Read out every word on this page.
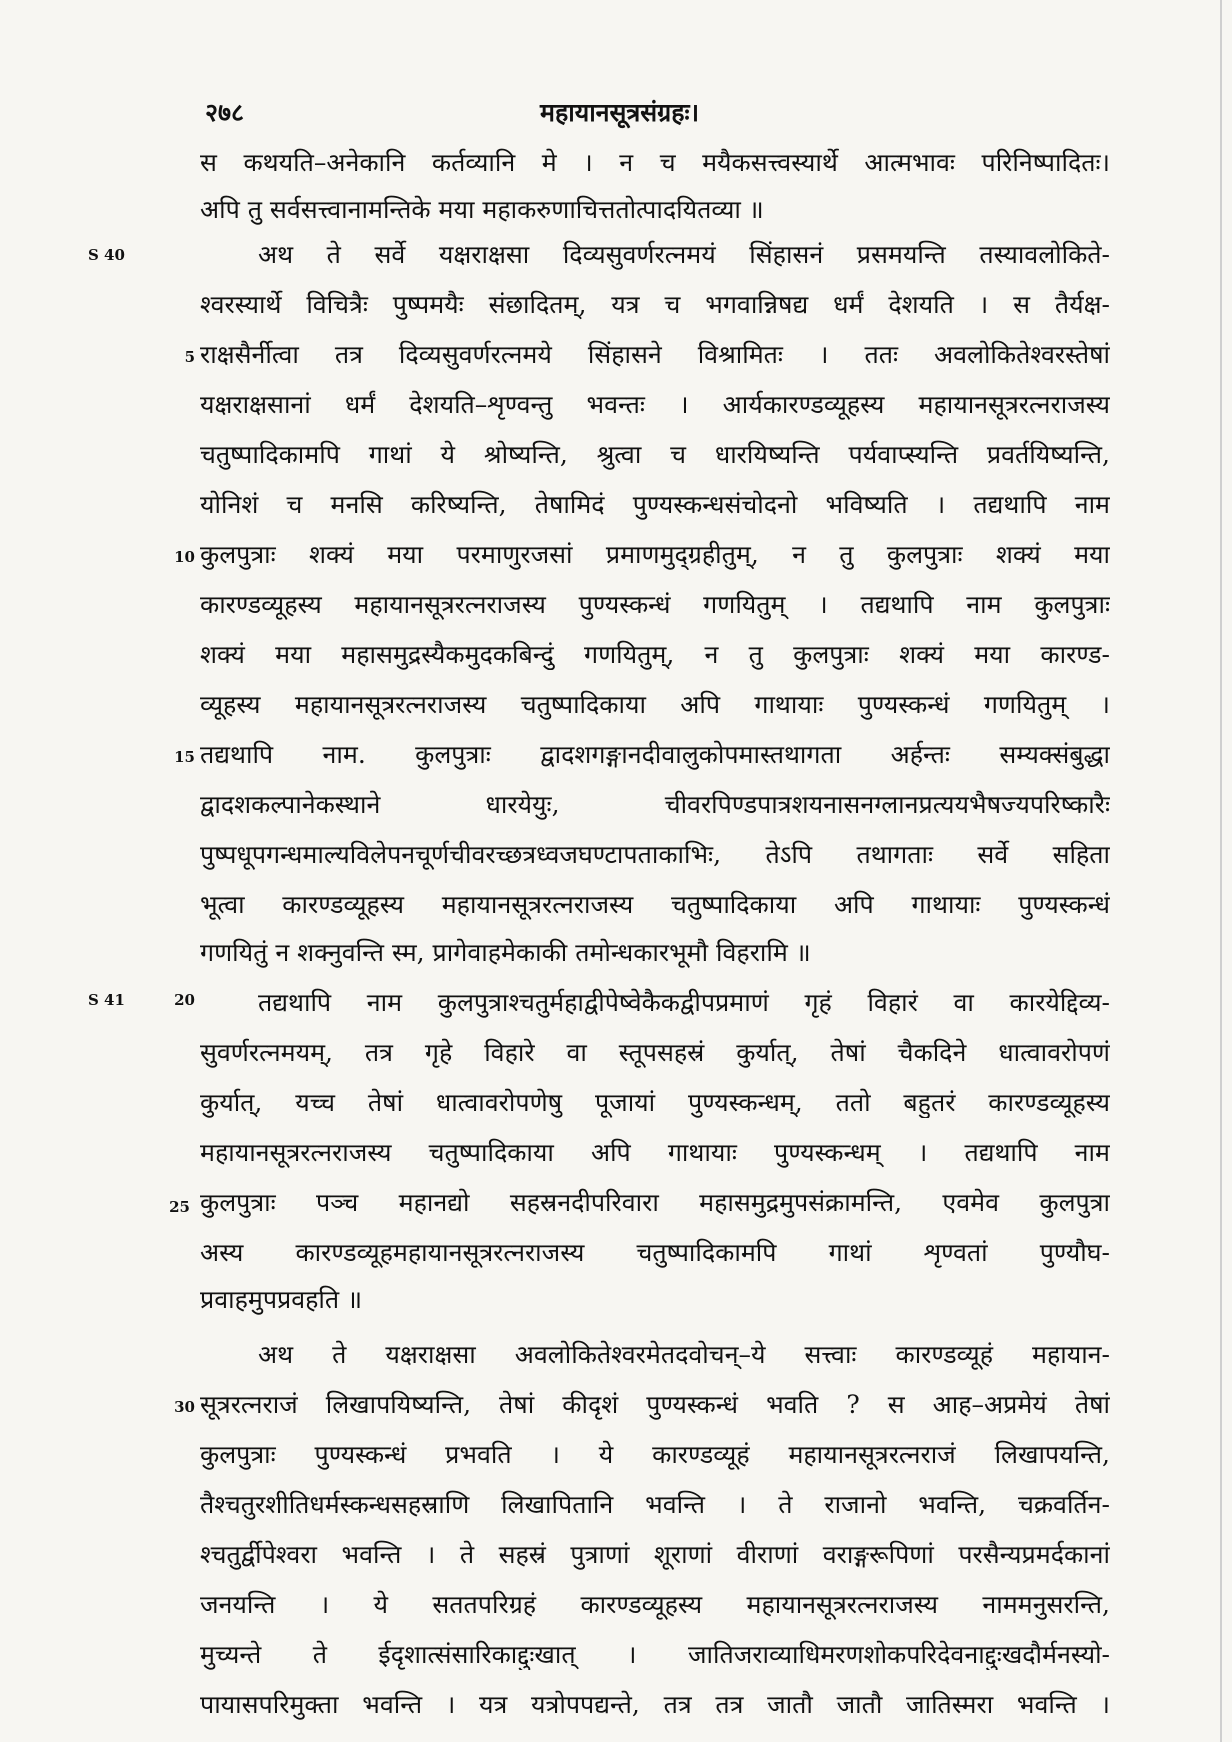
२७८	महायानसूत्रसंग्रहः।
S 40
S 41
5
10
15
20
25
30
स कथयति–अनेकानि कर्तव्यानि मे । न च मयैकसत्त्वस्यार्थे आत्मभावः परिनिष्पादितः।
अपि तु सर्वसत्त्वानामन्तिके मया महाकरुणाचित्ततोत्पादयितव्या ॥
अथ ते सर्वे यक्षराक्षसा दिव्यसुवर्णरत्नमयं सिंहासनं प्रसमयन्ति तस्यावलोकिते-
श्वरस्यार्थे विचित्रैः पुष्पमयैः संछादितम्, यत्र च भगवान्निषद्य धर्मं देशयति । स तैर्यक्ष-
राक्षसैर्नीत्वा तत्र दिव्यसुवर्णरत्नमये सिंहासने विश्रामितः । ततः अवलोकितेश्वरस्तेषां
यक्षराक्षसानां धर्मं देशयति–शृण्वन्तु भवन्तः । आर्यकारण्डव्यूहस्य महायानसूत्ररत्नराजस्य
चतुष्पादिकामपि गाथां ये श्रोष्यन्ति, श्रुत्वा च धारयिष्यन्ति पर्यवाप्स्यन्ति प्रवर्तयिष्यन्ति,
योनिशं च मनसि करिष्यन्ति, तेषामिदं पुण्यस्कन्धसंचोदनो भविष्यति । तद्यथापि नाम
कुलपुत्राः शक्यं मया परमाणुरजसां प्रमाणमुद्ग्रहीतुम्, न तु कुलपुत्राः शक्यं मया
कारण्डव्यूहस्य महायानसूत्ररत्नराजस्य पुण्यस्कन्धं गणयितुम् । तद्यथापि नाम कुलपुत्राः
शक्यं मया महासमुद्रस्यैकमुदकबिन्दुं गणयितुम्, न तु कुलपुत्राः शक्यं मया कारण्ड-
व्यूहस्य महायानसूत्ररत्नराजस्य चतुष्पादिकाया अपि गाथायाः पुण्यस्कन्धं गणयितुम् ।
तद्यथापि नाम. कुलपुत्राः द्वादशगङ्गानदीवालुकोपमास्तथागता अर्हन्तः सम्यक्संबुद्धा
द्वादशकल्पानेकस्थाने धारयेयुः, चीवरपिण्डपात्रशयनासनग्लानप्रत्ययभैषज्यपरिष्कारैः
पुष्पधूपगन्धमाल्यविलेपनचूर्णचीवरच्छत्रध्वजघण्टापताकाभिः, तेऽपि तथागताः सर्वे सहिता
भूत्वा कारण्डव्यूहस्य महायानसूत्ररत्नराजस्य चतुष्पादिकाया अपि गाथायाः पुण्यस्कन्धं
गणयितुं न शक्नुवन्ति स्म, प्रागेवाहमेकाकी तमोन्धकारभूमौ विहरामि ॥
तद्यथापि नाम कुलपुत्राश्चतुर्महाद्वीपेष्वेकैकद्वीपप्रमाणं गृहं विहारं वा कारयेद्दिव्य-
सुवर्णरत्नमयम्, तत्र गृहे विहारे वा स्तूपसहस्रं कुर्यात्, तेषां चैकदिने धात्वावरोपणं
कुर्यात्, यच्च तेषां धात्वावरोपणेषु पूजायां पुण्यस्कन्धम्, ततो बहुतरं कारण्डव्यूहस्य
महायानसूत्ररत्नराजस्य चतुष्पादिकाया अपि गाथायाः पुण्यस्कन्धम् । तद्यथापि नाम
कुलपुत्राः पञ्च महानद्यो सहस्रनदीपरिवारा महासमुद्रमुपसंक्रामन्ति, एवमेव कुलपुत्रा
अस्य कारण्डव्यूहमहायानसूत्ररत्नराजस्य चतुष्पादिकामपि गाथां शृण्वतां पुण्यौघ-
प्रवाहमुपप्रवहति ॥
अथ ते यक्षराक्षसा अवलोकितेश्वरमेतदवोचन्–ये सत्त्वाः कारण्डव्यूहं महायान-
सूत्ररत्नराजं लिखापयिष्यन्ति, तेषां कीदृशं पुण्यस्कन्धं भवति ? स आह–अप्रमेयं तेषां
कुलपुत्राः पुण्यस्कन्धं प्रभवति । ये कारण्डव्यूहं महायानसूत्ररत्नराजं लिखापयन्ति,
तैश्चतुरशीतिधर्मस्कन्धसहस्राणि लिखापितानि भवन्ति । ते राजानो भवन्ति, चक्रवर्तिन-
श्चतुर्द्वीपेश्वरा भवन्ति । ते सहस्रं पुत्राणां शूराणां वीराणां वराङ्गरूपिणां परसैन्यप्रमर्दकानां
जनयन्ति । ये सततपरिग्रहं कारण्डव्यूहस्य महायानसूत्ररत्नराजस्य नाममनुसरन्ति,
मुच्यन्ते ते ईदृशात्संसारिकाद्दुःखात् । जातिजराव्याधिमरणशोकपरिदेवनाद्दुःखदौर्मनस्यो-
पायासपरिमुक्ता भवन्ति । यत्र यत्रोपपद्यन्ते, तत्र तत्र जातौ जातौ जातिस्मरा भवन्ति ।
